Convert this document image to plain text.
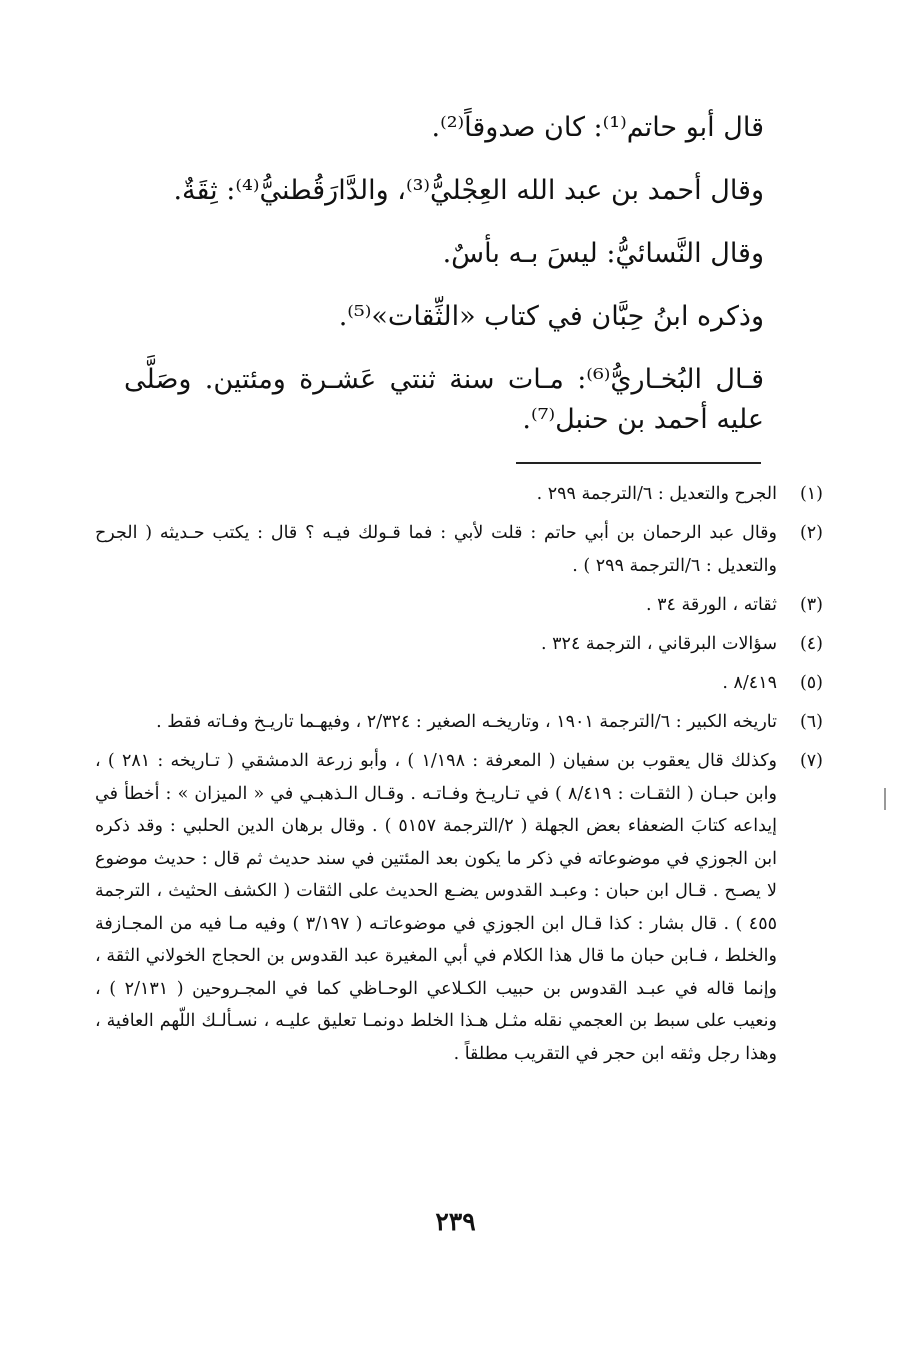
قال أبو حاتم⁽¹⁾: كان صدوقاً⁽²⁾.

وقال أحمد بن عبد الله العِجْليُّ⁽³⁾، والدَّارَقُطنيُّ⁽⁴⁾: ثِقَةٌ.

وقال النَّسائيُّ: ليسَ بـه بأسٌ.

وذكره ابنُ حِبَّان في كتاب «الثِّقات»⁽⁵⁾.

قـال البُخـاريُّ⁽⁶⁾: مـات سنة ثنتي عَشـرة ومئتين. وصَلَّى عليه أحمد بن حنبل⁽⁷⁾.

(١)
الجرح والتعديل : ٦/الترجمة ٢٩٩ .
(٢)
وقال عبد الرحمان بن أبي حاتم : قلت لأبي : فما قـولك فيـه ؟ قال : يكتب حـديثه ( الجرح والتعديل : ٦/الترجمة ٢٩٩ ) .
(٣)
ثقاته ، الورقة ٣٤ .
(٤)
سؤالات البرقاني ، الترجمة ٣٢٤ .
(٥)
٨/٤١٩ .
(٦)
تاريخه الكبير : ٦/الترجمة ١٩٠١ ، وتاريخـه الصغير : ٢/٣٢٤ ، وفيهـما تاريـخ وفـاته فقط .
(٧)
وكذلك قال يعقوب بن سفيان ( المعرفة : ١/١٩٨ ) ، وأبو زرعة الدمشقي ( تـاريخه : ٢٨١ ) ، وابن حبـان ( الثقـات : ٨/٤١٩ ) في تـاريـخ وفـاتـه . وقـال الـذهبـي في « الميزان » : أخطأ في إيداعه كتابَ الضعفاء بعض الجهلة ( ٢/الترجمة ٥١٥٧ ) . وقال برهان الدين الحلبي : وقد ذكره ابن الجوزي في موضوعاته في ذكر ما يكون بعد المئتين في سند حديث ثم قال : حديث موضوع لا يصـح . قـال ابن حبان : وعبـد القدوس يضـع الحديث على الثقات ( الكشف الحثيث ، الترجمة ٤٥٥ ) . قال بشار : كذا قـال ابن الجوزي في موضوعاتـه ( ٣/١٩٧ ) وفيه مـا فيه من المجـازفة والخلط ، فـابن حبان ما قال هذا الكلام في أبي المغيرة عبد القدوس بن الحجاج الخولاني الثقة ، وإنما قاله في عبـد القدوس بن حبيب الكـلاعي الوحـاظي كما في المجـروحين ( ٢/١٣١ ) ، ونعيب على سبط بن العجمي نقله مثـل هـذا الخلط دونمـا تعليق عليـه ، نسـألـك اللّهم العافية ، وهذا رجل وثقه ابن حجر في التقريب مطلقاً .
٢٣٩
